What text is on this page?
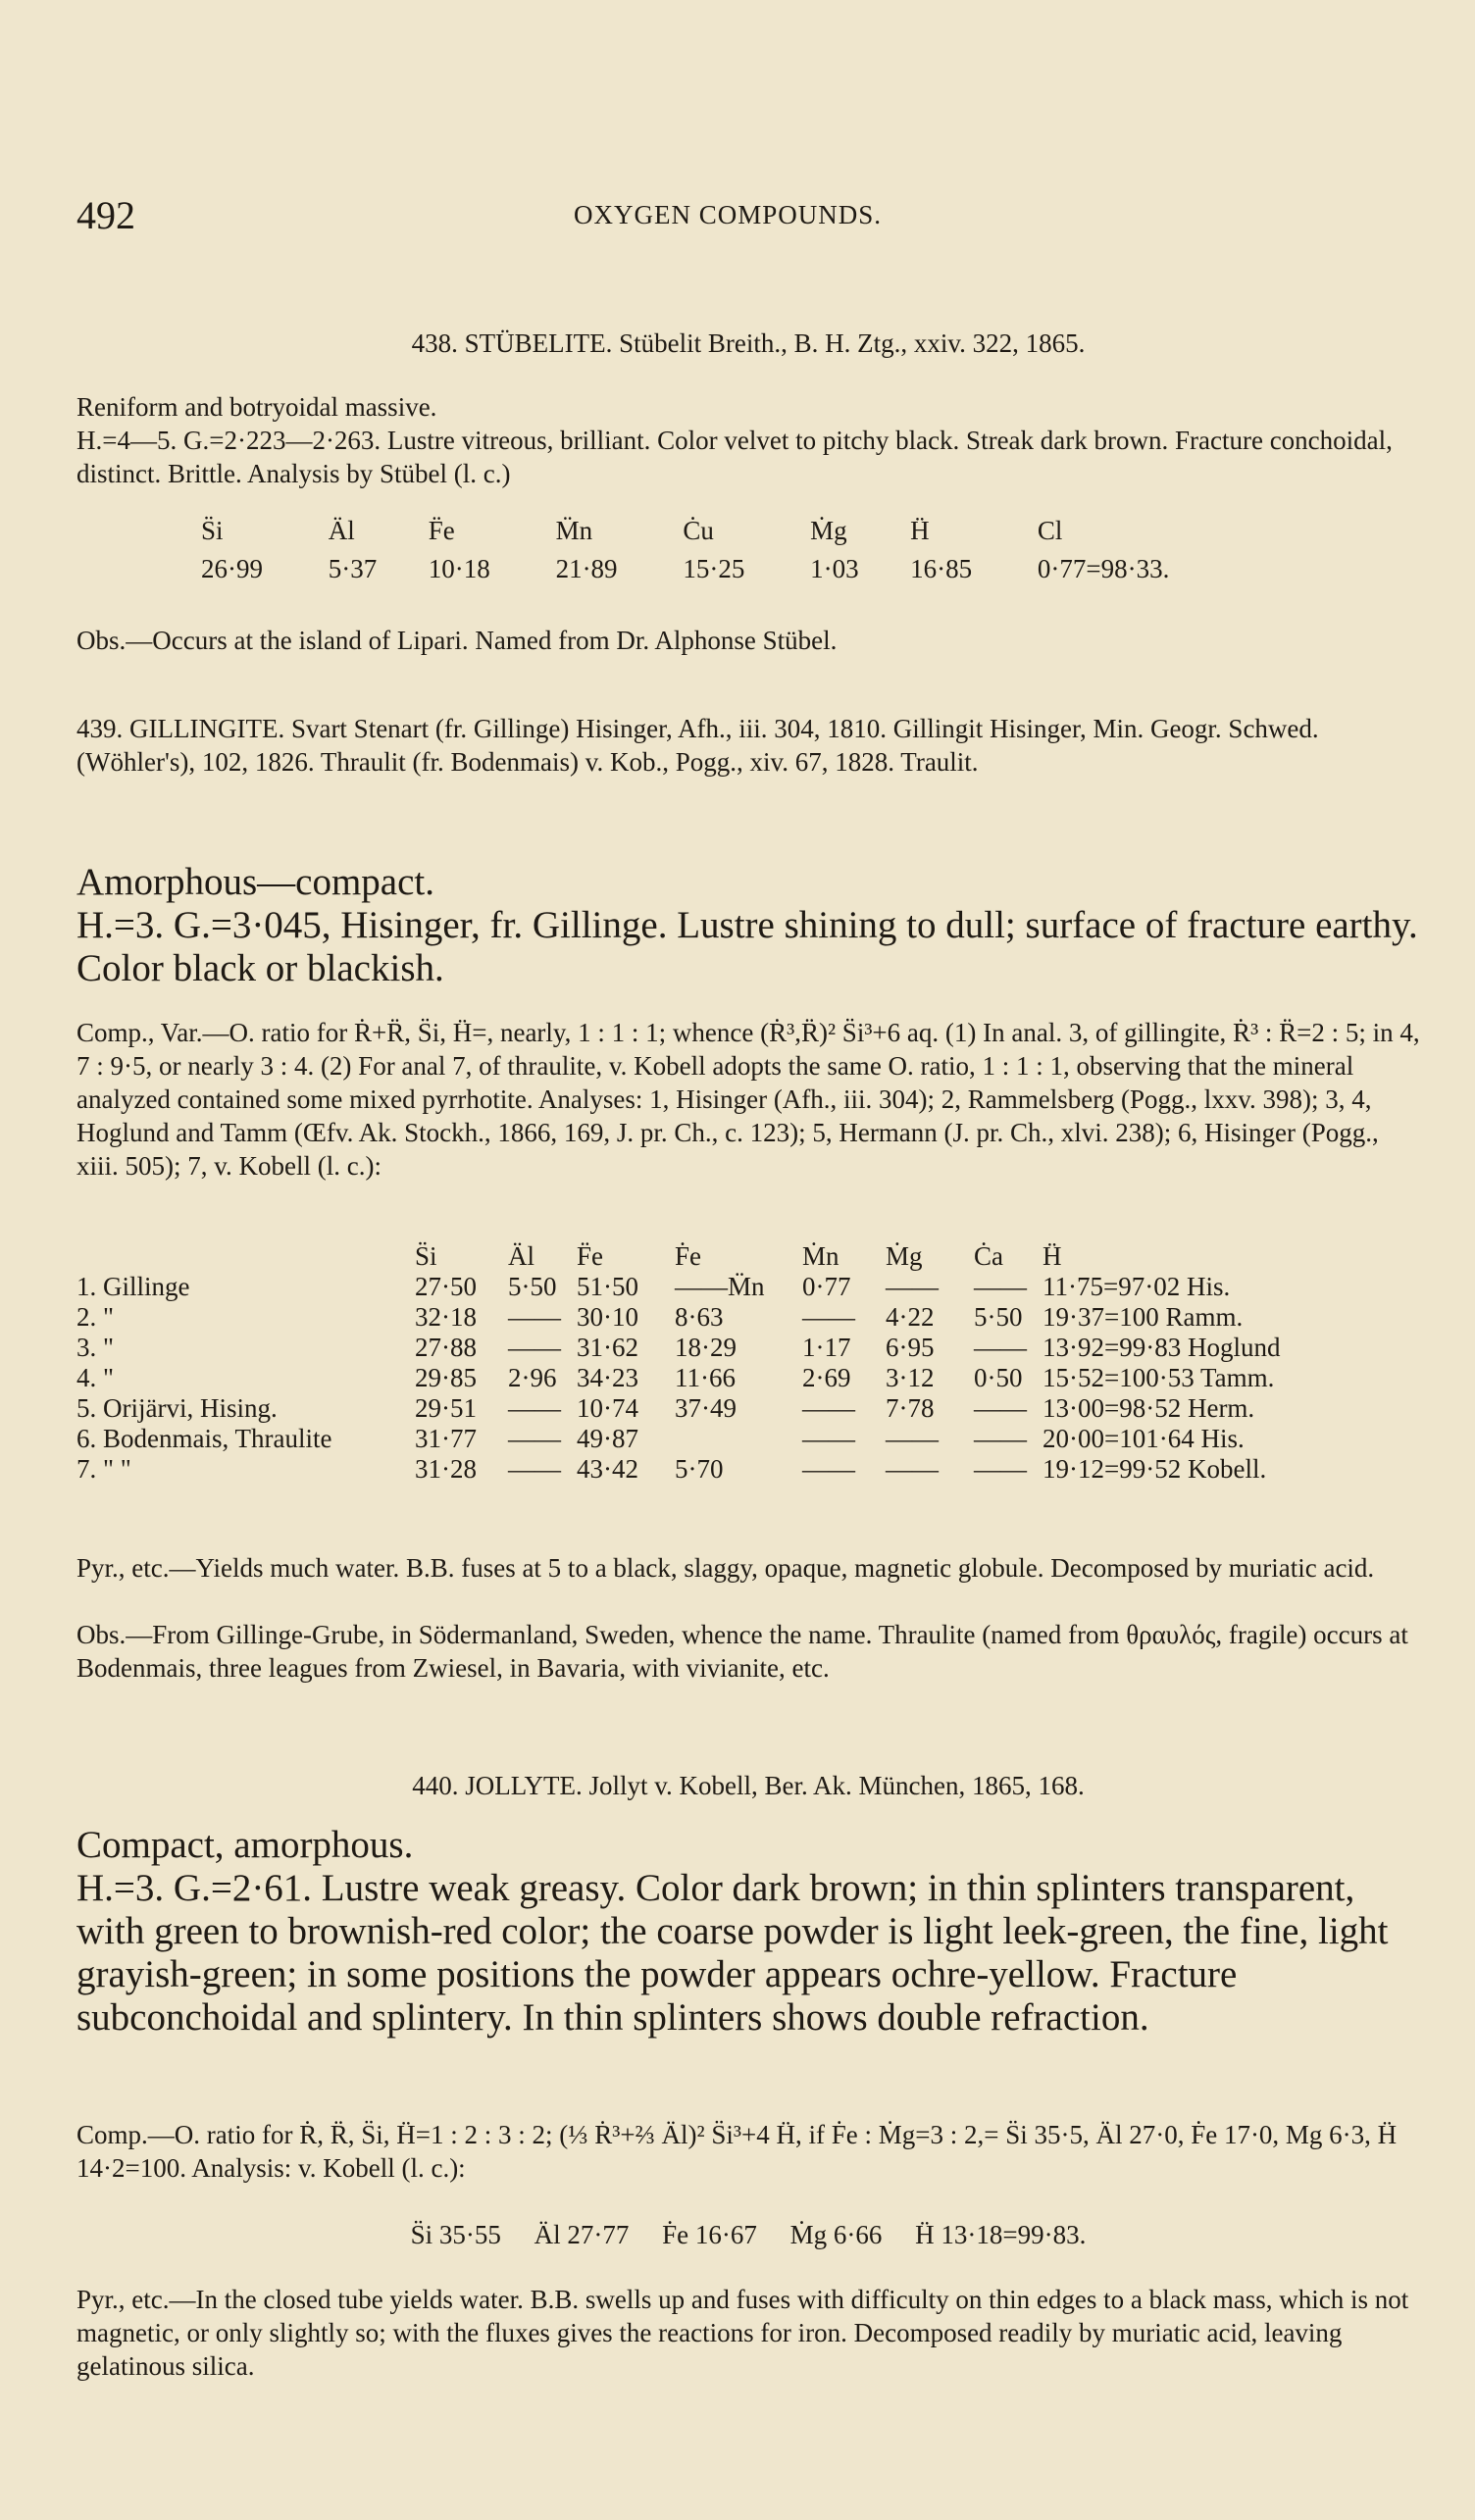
492	OXYGEN COMPOUNDS.

438. STÜBELITE. Stübelit Breith., B. H. Ztg., xxiv. 322, 1865.

Reniform and botryoidal massive.

H.=4—5. G.=2·223—2·263. Lustre vitreous, brilliant. Color velvet to pitchy black. Streak dark brown. Fracture conchoidal, distinct. Brittle. Analysis by Stübel (l. c.)

S̈i	Äl	F̈e	M̈n	Ċu	Ṁg	Ḧ	Cl
26·99	5·37	10·18	21·89	15·25	1·03	16·85	0·77=98·33.

Obs.—Occurs at the island of Lipari. Named from Dr. Alphonse Stübel.

439. GILLINGITE. Svart Stenart (fr. Gillinge) Hisinger, Afh., iii. 304, 1810. Gillingit Hisinger, Min. Geogr. Schwed. (Wöhler's), 102, 1826. Thraulit (fr. Bodenmais) v. Kob., Pogg., xiv. 67, 1828. Traulit.

Amorphous—compact.

H.=3. G.=3·045, Hisinger, fr. Gillinge. Lustre shining to dull; surface of fracture earthy. Color black or blackish.

Comp., Var.—O. ratio for Ṙ+R̈, S̈i, Ḧ=, nearly, 1 : 1 : 1; whence (Ṙ³,R̈)² S̈i³+6 aq. (1) In anal. 3, of gillingite, Ṙ³ : R̈=2 : 5; in 4, 7 : 9·5, or nearly 3 : 4. (2) For anal 7, of thraulite, v. Kobell adopts the same O. ratio, 1 : 1 : 1, observing that the mineral analyzed contained some mixed pyrrhotite. Analyses: 1, Hisinger (Afh., iii. 304); 2, Rammelsberg (Pogg., lxxv. 398); 3, 4, Hoglund and Tamm (Œfv. Ak. Stockh., 1866, 169, J. pr. Ch., c. 123); 5, Hermann (J. pr. Ch., xlvi. 238); 6, Hisinger (Pogg., xiii. 505); 7, v. Kobell (l. c.):

	S̈i	Äl	F̈e	Ḟe	Ṁn	Ṁg	Ċa	Ḧ
1. Gillinge	27·50	5·50	51·50	——M̈n	0·77	——	——	11·75=97·02 His.
2. "	32·18	——	30·10	8·63	——	4·22	5·50	19·37=100 Ramm.
3. "	27·88	——	31·62	18·29	1·17	6·95	——	13·92=99·83 Hoglund
4. "	29·85	2·96	34·23	11·66	2·69	3·12	0·50	15·52=100·53 Tamm.
5. Orijärvi, Hising.	29·51	——	10·74	37·49	——	7·78	——	13·00=98·52 Herm.
6. Bodenmais, Thraulite	31·77	——	49·87		——	——	——	20·00=101·64 His.
7. " "	31·28	——	43·42	5·70	——	——	——	19·12=99·52 Kobell.

Pyr., etc.—Yields much water. B.B. fuses at 5 to a black, slaggy, opaque, magnetic globule. Decomposed by muriatic acid.

Obs.—From Gillinge-Grube, in Södermanland, Sweden, whence the name. Thraulite (named from θραυλός, fragile) occurs at Bodenmais, three leagues from Zwiesel, in Bavaria, with vivianite, etc.

440. JOLLYTE. Jollyt v. Kobell, Ber. Ak. München, 1865, 168.

Compact, amorphous.

H.=3. G.=2·61. Lustre weak greasy. Color dark brown; in thin splinters transparent, with green to brownish-red color; the coarse powder is light leek-green, the fine, light grayish-green; in some positions the powder appears ochre-yellow. Fracture subconchoidal and splintery. In thin splinters shows double refraction.

Comp.—O. ratio for Ṙ, R̈, S̈i, Ḧ=1 : 2 : 3 : 2; (⅓ Ṙ³+⅔ Äl)² S̈i³+4 Ḧ, if Ḟe : Ṁg=3 : 2,= S̈i 35·5, Äl 27·0, Ḟe 17·0, Mg 6·3, Ḧ 14·2=100. Analysis: v. Kobell (l. c.):

S̈i 35·55     Äl 27·77     Ḟe 16·67     Ṁg 6·66     Ḧ 13·18=99·83.

Pyr., etc.—In the closed tube yields water. B.B. swells up and fuses with difficulty on thin edges to a black mass, which is not magnetic, or only slightly so; with the fluxes gives the reactions for iron. Decomposed readily by muriatic acid, leaving gelatinous silica.
